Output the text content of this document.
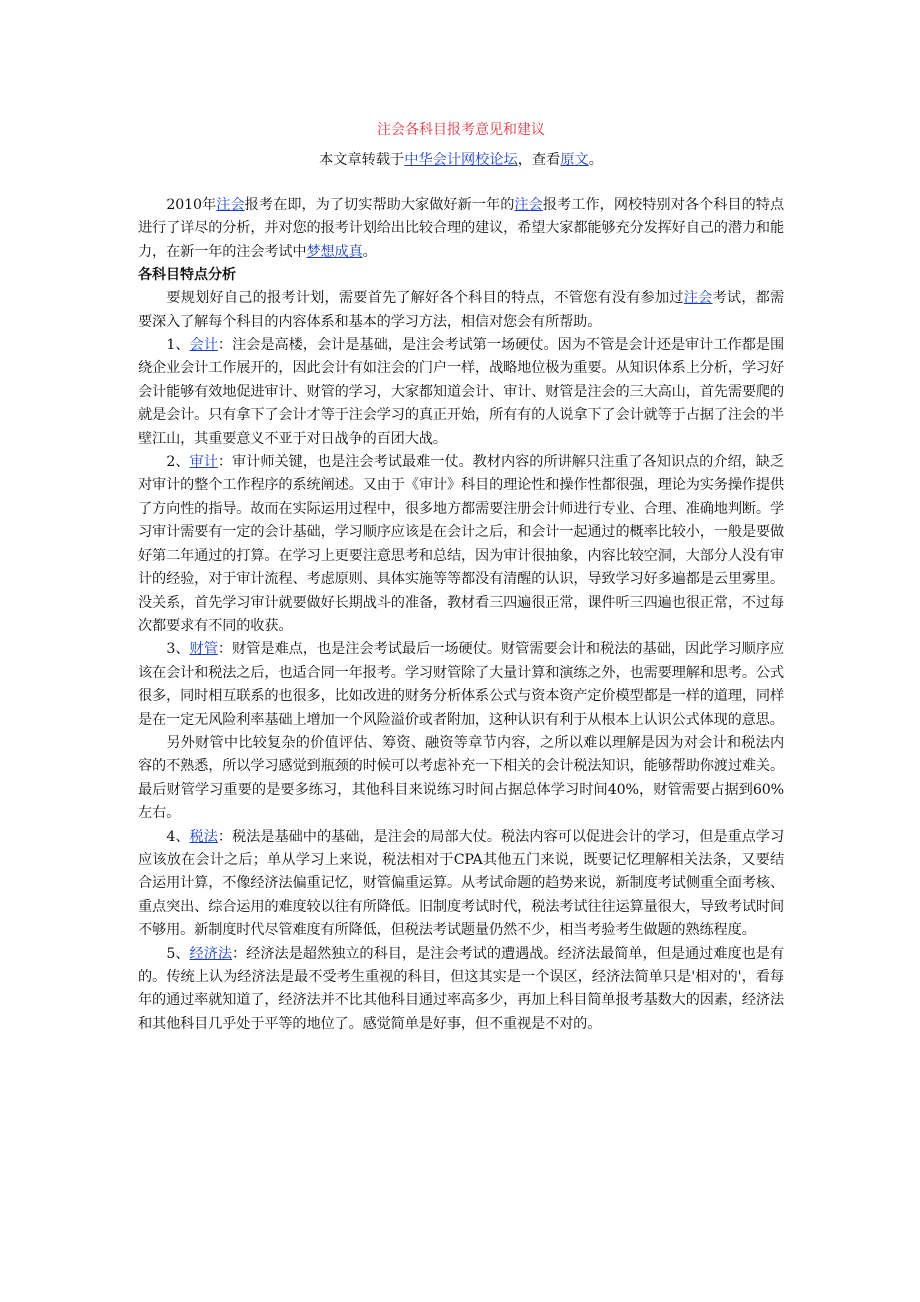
注会各科目报考意见和建议
本文章转载于中华会计网校论坛，查看原文。

2010年注会报考在即，为了切实帮助大家做好新一年的注会报考工作，网校特别对各个科目的特点进行了详尽的分析，并对您的报考计划给出比较合理的建议，希望大家都能够充分发挥好自己的潜力和能力，在新一年的注会考试中梦想成真。

各科目特点分析

要规划好自己的报考计划，需要首先了解好各个科目的特点，不管您有没有参加过注会考试，都需要深入了解每个科目的内容体系和基本的学习方法，相信对您会有所帮助。

1、会计：注会是高楼，会计是基础，是注会考试第一场硬仗。因为不管是会计还是审计工作都是围绕企业会计工作展开的，因此会计有如注会的门户一样，战略地位极为重要。从知识体系上分析，学习好会计能够有效地促进审计、财管的学习，大家都知道会计、审计、财管是注会的三大高山，首先需要爬的就是会计。只有拿下了会计才等于注会学习的真正开始，所有有的人说拿下了会计就等于占据了注会的半壁江山，其重要意义不亚于对日战争的百团大战。

2、审计：审计师关键，也是注会考试最难一仗。教材内容的所讲解只注重了各知识点的介绍，缺乏对审计的整个工作程序的系统阐述。又由于《审计》科目的理论性和操作性都很强，理论为实务操作提供了方向性的指导。故而在实际运用过程中，很多地方都需要注册会计师进行专业、合理、准确地判断。学习审计需要有一定的会计基础，学习顺序应该是在会计之后，和会计一起通过的概率比较小，一般是要做好第二年通过的打算。在学习上更要注意思考和总结，因为审计很抽象，内容比较空洞，大部分人没有审计的经验，对于审计流程、考虑原则、具体实施等等都没有清醒的认识，导致学习好多遍都是云里雾里。没关系，首先学习审计就要做好长期战斗的准备，教材看三四遍很正常，课件听三四遍也很正常，不过每次都要求有不同的收获。

3、财管：财管是难点，也是注会考试最后一场硬仗。财管需要会计和税法的基础，因此学习顺序应该在会计和税法之后，也适合同一年报考。学习财管除了大量计算和演练之外，也需要理解和思考。公式很多，同时相互联系的也很多，比如改进的财务分析体系公式与资本资产定价模型都是一样的道理，同样是在一定无风险利率基础上增加一个风险溢价或者附加，这种认识有利于从根本上认识公式体现的意思。

另外财管中比较复杂的价值评估、筹资、融资等章节内容，之所以难以理解是因为对会计和税法内容的不熟悉，所以学习感觉到瓶颈的时候可以考虑补充一下相关的会计税法知识，能够帮助你渡过难关。最后财管学习重要的是要多练习，其他科目来说练习时间占据总体学习时间40%，财管需要占据到60%左右。

4、税法：税法是基础中的基础，是注会的局部大仗。税法内容可以促进会计的学习，但是重点学习应该放在会计之后；单从学习上来说，税法相对于CPA其他五门来说，既要记忆理解相关法条，又要结合运用计算，不像经济法偏重记忆，财管偏重运算。从考试命题的趋势来说，新制度考试侧重全面考核、重点突出、综合运用的难度较以往有所降低。旧制度考试时代，税法考试往往运算量很大，导致考试时间不够用。新制度时代尽管难度有所降低，但税法考试题量仍然不少，相当考验考生做题的熟练程度。

5、经济法：经济法是超然独立的科目，是注会考试的遭遇战。经济法最简单，但是通过难度也是有的。传统上认为经济法是最不受考生重视的科目，但这其实是一个误区，经济法简单只是'相对的'，看每年的通过率就知道了，经济法并不比其他科目通过率高多少，再加上科目简单报考基数大的因素，经济法和其他科目几乎处于平等的地位了。感觉简单是好事，但不重视是不对的。
